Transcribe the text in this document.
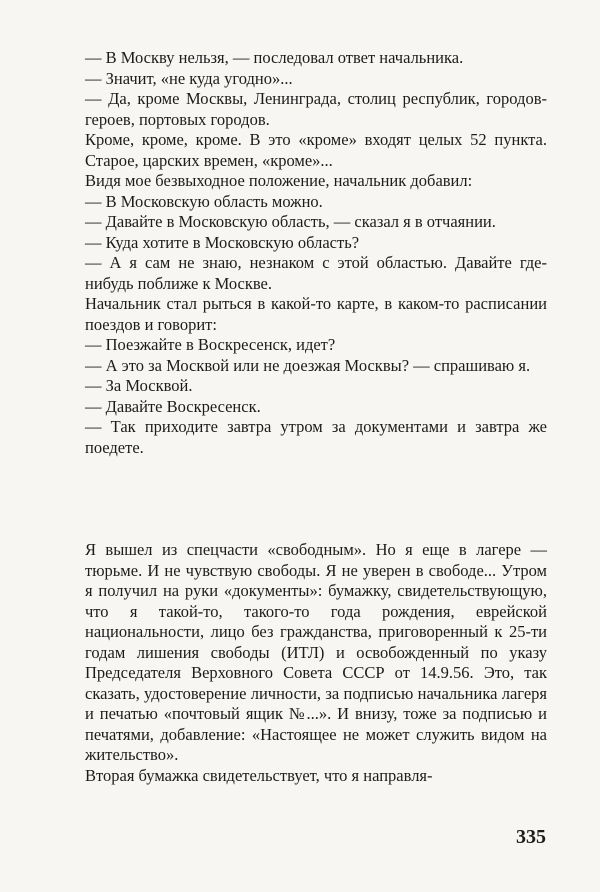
— В Москву нельзя, — последовал ответ начальника.

— Значит, «не куда угодно»...

— Да, кроме Москвы, Ленинграда, столиц республик, городов-героев, портовых городов.

Кроме, кроме, кроме. В это «кроме» входят целых 52 пункта. Старое, царских времен, «кроме»...

Видя мое безвыходное положение, начальник добавил:

— В Московскую область можно.

— Давайте в Московскую область, — сказал я в отчаянии.

— Куда хотите в Московскую область?

— А я сам не знаю, незнаком с этой областью. Давайте где-нибудь поближе к Москве.

Начальник стал рыться в какой-то карте, в каком-то расписании поездов и говорит:

— Поезжайте в Воскресенск, идет?

— А это за Москвой или не доезжая Москвы? — спрашиваю я.

— За Москвой.

— Давайте Воскресенск.

— Так приходите завтра утром за документами и завтра же поедете.

Я вышел из спецчасти «свободным». Но я еще в лагере — тюрьме. И не чувствую свободы. Я не уверен в свободе... Утром я получил на руки «документы»: бумажку, свидетельствующую, что я такой-то, такого-то года рождения, еврейской национальности, лицо без гражданства, приговоренный к 25-ти годам лишения свободы (ИТЛ) и освобожденный по указу Председателя Верховного Совета СССР от 14.9.56. Это, так сказать, удостоверение личности, за подписью начальника лагеря и печатью «почтовый ящик №...». И внизу, тоже за подписью и печатями, добавление: «Настоящее не может служить видом на жительство».

Вторая бумажка свидетельствует, что я направля-

335
